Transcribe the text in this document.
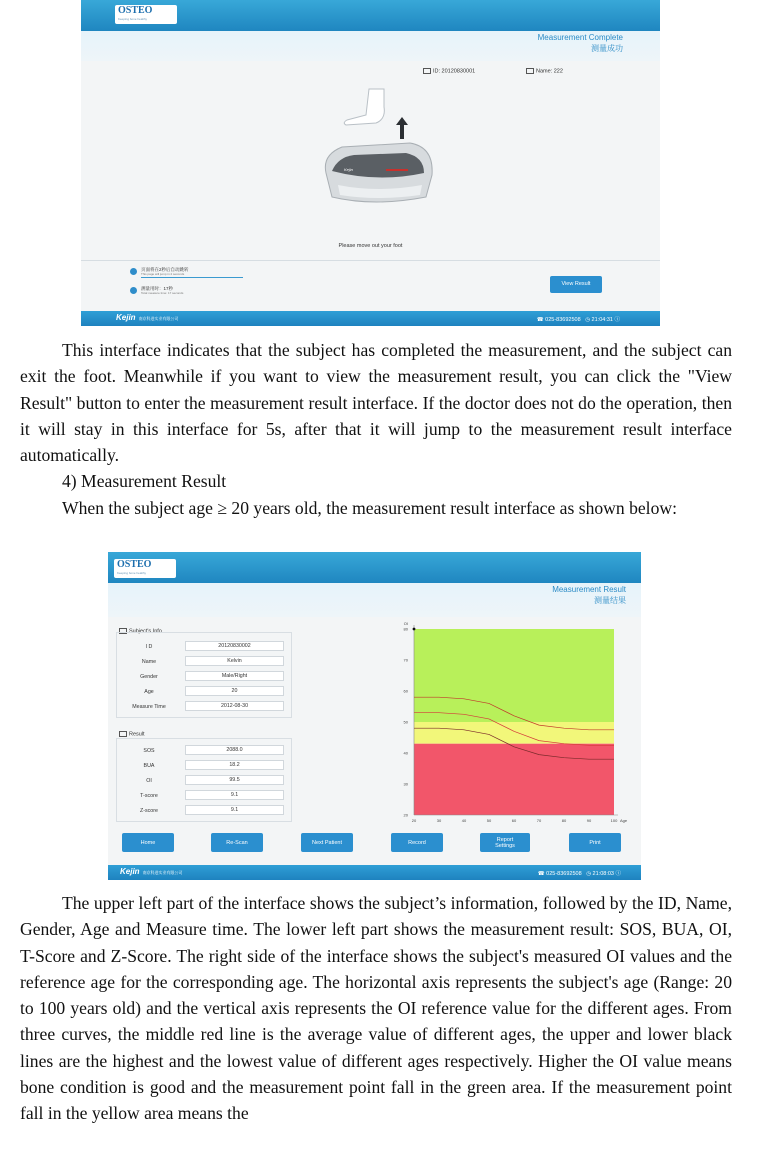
OSTEO
Keeping bone healthy
Measurement Complete
测量成功
ID: 20120830001	Name: 222
Kejin
Please move out your foot
页面将在2秒后自动跳转
This page will jump in 2 seconds
测量用时：17秒
Total measure time: 17 seconds
View Result
Kejin 南京科进实业有限公司	☎ 025-83692508 ◷ 21:04:31 ⓘ

This interface indicates that the subject has completed the measurement, and the subject can exit the foot. Meanwhile if you want to view the measurement result, you can click the "View Result" button to enter the measurement result interface. If the doctor does not do the operation, then it will stay in this interface for 5s, after that it will jump to the measurement result interface automatically.

4) Measurement Result

When the subject age ≥ 20 years old, the measurement result interface as shown below:

OSTEO
Keeping bone healthy
Measurement Result
测量结果
Subject's Info
I D	20120830002
Name	Kelvin
Gender	Male/Right
Age	20
Measure Time	2012-08-30
Result
SOS	2088.0
BUA	18.2
OI	99.5
T-score	9.1
Z-score	9.1
20
30
40
50
60
70
80
20	30	40	50	60	70	80	90	100
OI
Age
Home	Re-Scan	Next Patient	Record	Report Settings	Print
Kejin 南京科进实业有限公司	☎ 025-83692508 ◷ 21:08:03 ⓘ

The upper left part of the interface shows the subject’s information, followed by the ID, Name, Gender, Age and Measure time. The lower left part shows the measurement result: SOS, BUA, OI, T-Score and Z-Score. The right side of the interface shows the subject's measured OI values and the reference age for the corresponding age. The horizontal axis represents the subject's age (Range: 20 to 100 years old) and the vertical axis represents the OI reference value for the different ages. From three curves, the middle red line is the average value of different ages, the upper and lower black lines are the highest and the lowest value of different ages respectively. Higher the OI value means bone condition is good and the measurement point fall in the green area. If the measurement point fall in the yellow area means the
